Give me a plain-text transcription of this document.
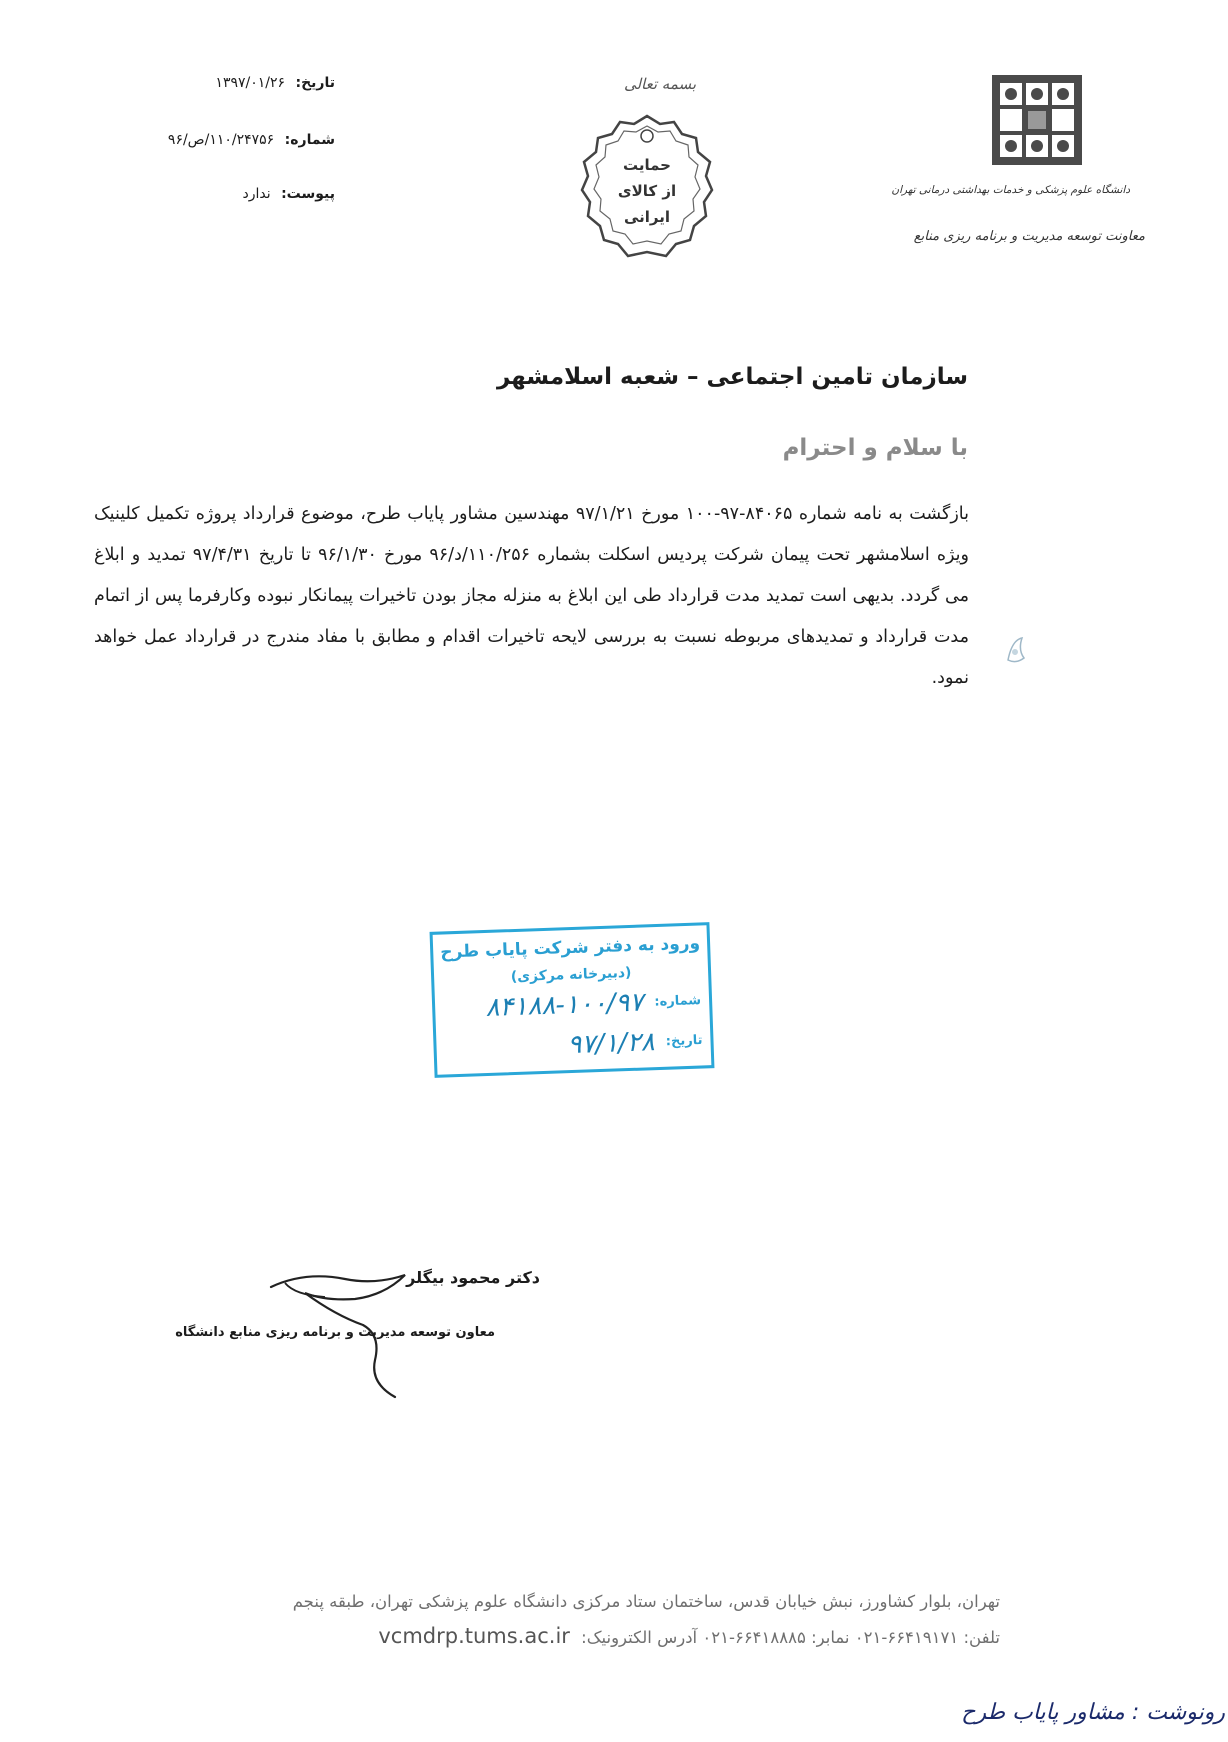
تاریخ: ۱۳۹۷/۰۱/۲۶
شماره: ۱۱۰/۲۴۷۵۶/ص/۹۶
پیوست: ندارد
بسمه تعالی
حمایت
از کالای
ایرانی
دانشگاه علوم پزشکی و خدمات بهداشتی درمانی تهران
معاونت توسعه مدیریت و برنامه ریزی منابع
سازمان تامین اجتماعی – شعبه اسلامشهر
با سلام و احترام
بازگشت به نامه شماره ۸۴۰۶۵-۹۷-۱۰۰ مورخ ۹۷/۱/۲۱ مهندسین مشاور پایاب طرح، موضوع قرارداد پروژه تکمیل کلینیک ویژه اسلامشهر تحت پیمان شرکت پردیس اسکلت بشماره ۱۱۰/۲۵۶/د/۹۶ مورخ ۹۶/۱/۳۰ تا تاریخ ۹۷/۴/۳۱ تمدید و ابلاغ می گردد. بدیهی است تمدید مدت قرارداد طی این ابلاغ به منزله مجاز بودن تاخیرات پیمانکار نبوده وکارفرما پس از اتمام مدت قرارداد و تمدیدهای مربوطه نسبت به بررسی لایحه تاخیرات اقدام و مطابق با مفاد مندرج در قرارداد عمل خواهد نمود.
ورود به دفتر شرکت پایاب طرح
(دبیرخانه مرکزی)
شماره: ۱۰۰/۹۷-۸۴۱۸۸
تاریخ: ۹۷/۱/۲۸
دکتر محمود بیگلر
معاون توسعه مدیریت و برنامه ریزی منابع دانشگاه
تهران، بلوار کشاورز، نبش خیابان قدس، ساختمان ستاد مرکزی دانشگاه علوم پزشکی تهران، طبقه پنجم
تلفن: ۶۶۴۱۹۱۷۱-۰۲۱ نمابر: ۶۶۴۱۸۸۸۵-۰۲۱ آدرس الکترونیک: vcmdrp.tums.ac.ir
رونوشت : مشاور پایاب طرح
